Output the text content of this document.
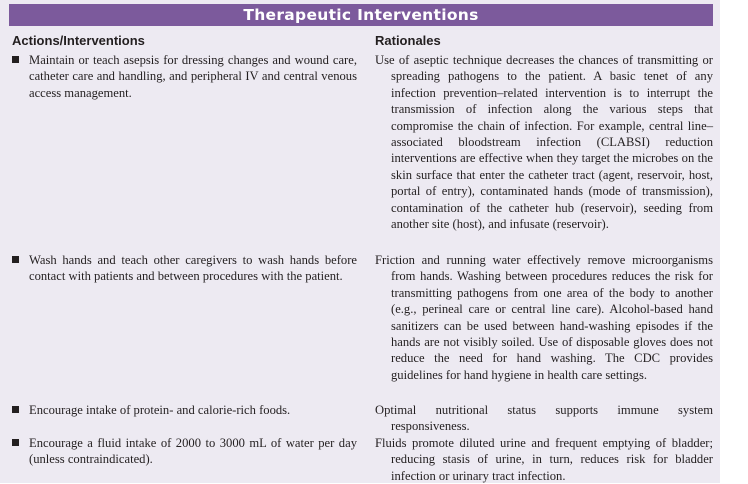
Therapeutic Interventions
Actions/Interventions	Rationales
Maintain or teach asepsis for dressing changes and wound care, catheter care and handling, and peripheral IV and central venous access management.
Use of aseptic technique decreases the chances of transmitting or spreading pathogens to the patient. A basic tenet of any infection prevention–related intervention is to interrupt the transmission of infection along the various steps that compromise the chain of infection. For example, central line–associated bloodstream infection (CLABSI) reduction interventions are effective when they target the microbes on the skin surface that enter the catheter tract (agent, reservoir, host, portal of entry), contaminated hands (mode of transmission), contamination of the catheter hub (reservoir), seeding from another site (host), and infusate (reservoir).
Wash hands and teach other caregivers to wash hands before contact with patients and between procedures with the patient.
Friction and running water effectively remove microorganisms from hands. Washing between procedures reduces the risk for transmitting pathogens from one area of the body to another (e.g., perineal care or central line care). Alcohol-based hand sanitizers can be used between hand-washing episodes if the hands are not visibly soiled. Use of disposable gloves does not reduce the need for hand washing. The CDC provides guidelines for hand hygiene in health care settings.
Encourage intake of protein- and calorie-rich foods.	Optimal nutritional status supports immune system responsiveness.
Encourage a fluid intake of 2000 to 3000 mL of water per day (unless contraindicated).
Fluids promote diluted urine and frequent emptying of bladder; reducing stasis of urine, in turn, reduces risk for bladder infection or urinary tract infection.
